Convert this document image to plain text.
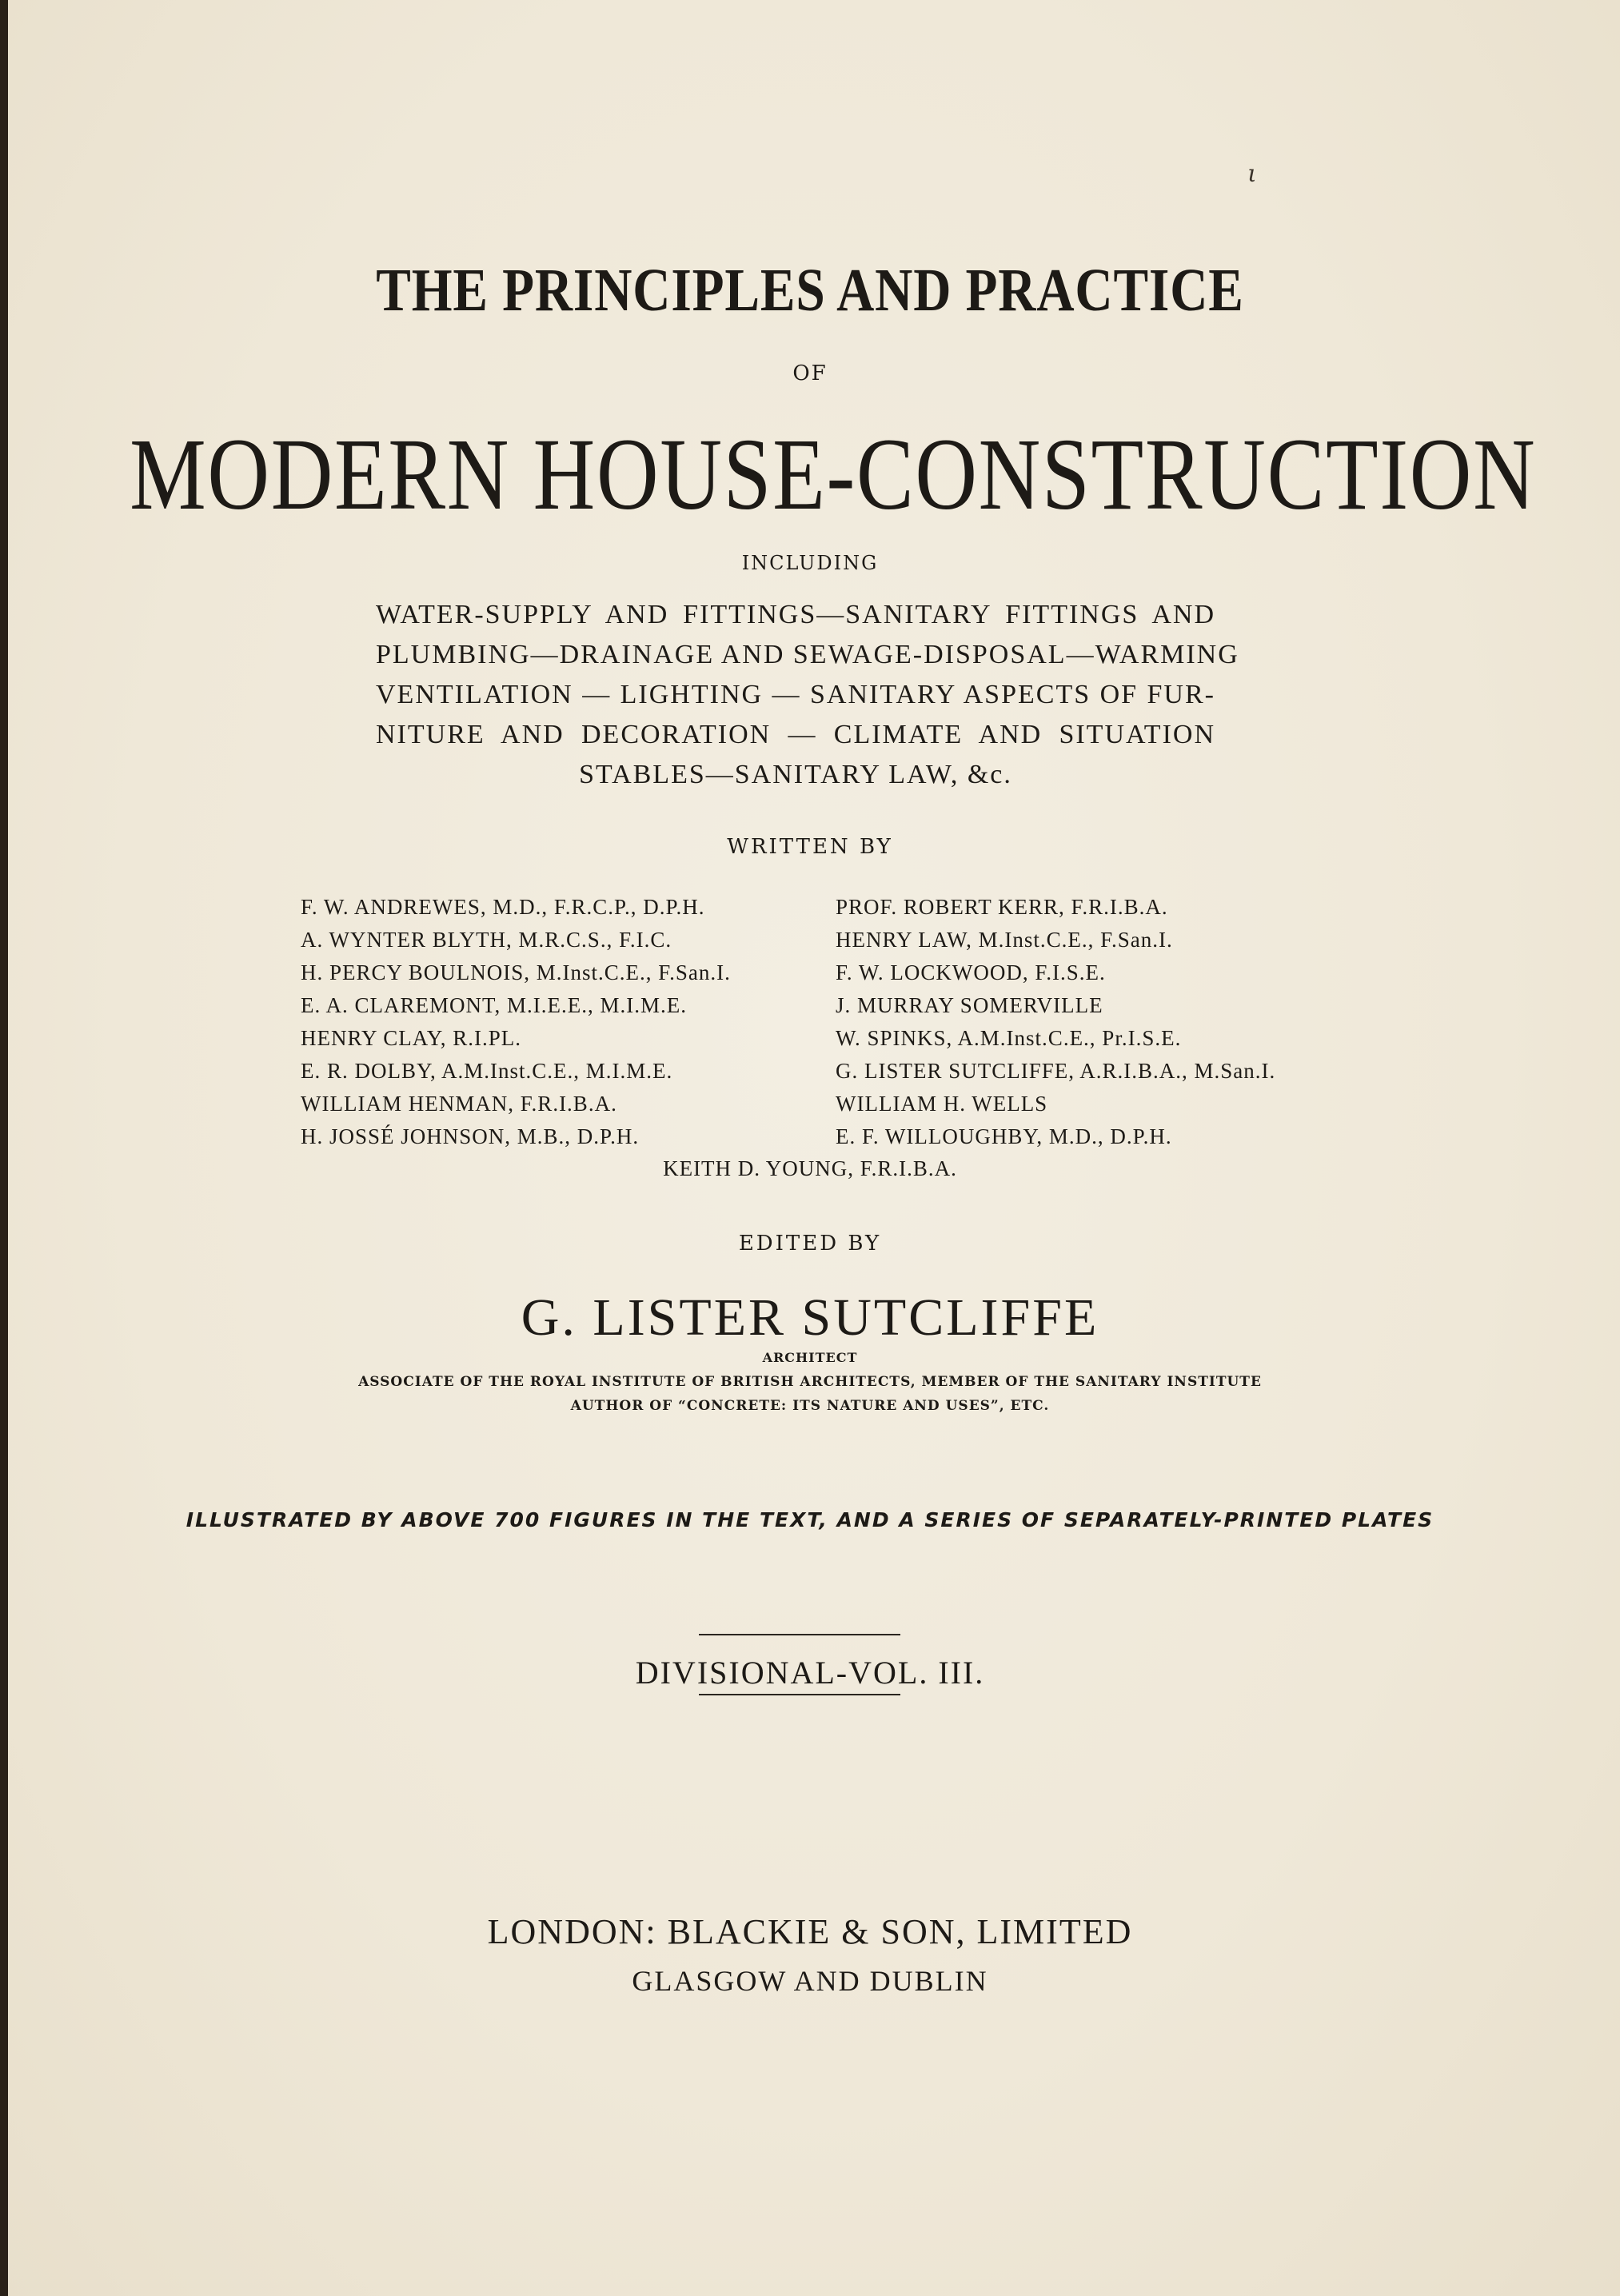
ι
THE PRINCIPLES AND PRACTICE
OF
MODERN HOUSE-CONSTRUCTION
INCLUDING
WATER-SUPPLY AND FITTINGS—SANITARY FITTINGS AND
PLUMBING—DRAINAGE AND SEWAGE-DISPOSAL—WARMING
VENTILATION — LIGHTING — SANITARY ASPECTS OF FUR-
NITURE AND DECORATION — CLIMATE AND SITUATION
STABLES—SANITARY LAW, &c.
WRITTEN BY
F. W. ANDREWES, M.D., F.R.C.P., D.P.H.
A. WYNTER BLYTH, M.R.C.S., F.I.C.
H. PERCY BOULNOIS, M.Inst.C.E., F.San.I.
E. A. CLAREMONT, M.I.E.E., M.I.M.E.
HENRY CLAY, R.I.PL.
E. R. DOLBY, A.M.Inst.C.E., M.I.M.E.
WILLIAM HENMAN, F.R.I.B.A.
H. JOSSÉ JOHNSON, M.B., D.P.H.
PROF. ROBERT KERR, F.R.I.B.A.
HENRY LAW, M.Inst.C.E., F.San.I.
F. W. LOCKWOOD, F.I.S.E.
J. MURRAY SOMERVILLE
W. SPINKS, A.M.Inst.C.E., Pr.I.S.E.
G. LISTER SUTCLIFFE, A.R.I.B.A., M.San.I.
WILLIAM H. WELLS
E. F. WILLOUGHBY, M.D., D.P.H.
KEITH D. YOUNG, F.R.I.B.A.
EDITED BY
G. LISTER SUTCLIFFE
ARCHITECT
ASSOCIATE OF THE ROYAL INSTITUTE OF BRITISH ARCHITECTS, MEMBER OF THE SANITARY INSTITUTE
AUTHOR OF “CONCRETE: ITS NATURE AND USES”, ETC.
ILLUSTRATED BY ABOVE 700 FIGURES IN THE TEXT, AND A SERIES OF SEPARATELY-PRINTED PLATES
DIVISIONAL-VOL. III.
LONDON: BLACKIE & SON, LIMITED
GLASGOW AND DUBLIN
